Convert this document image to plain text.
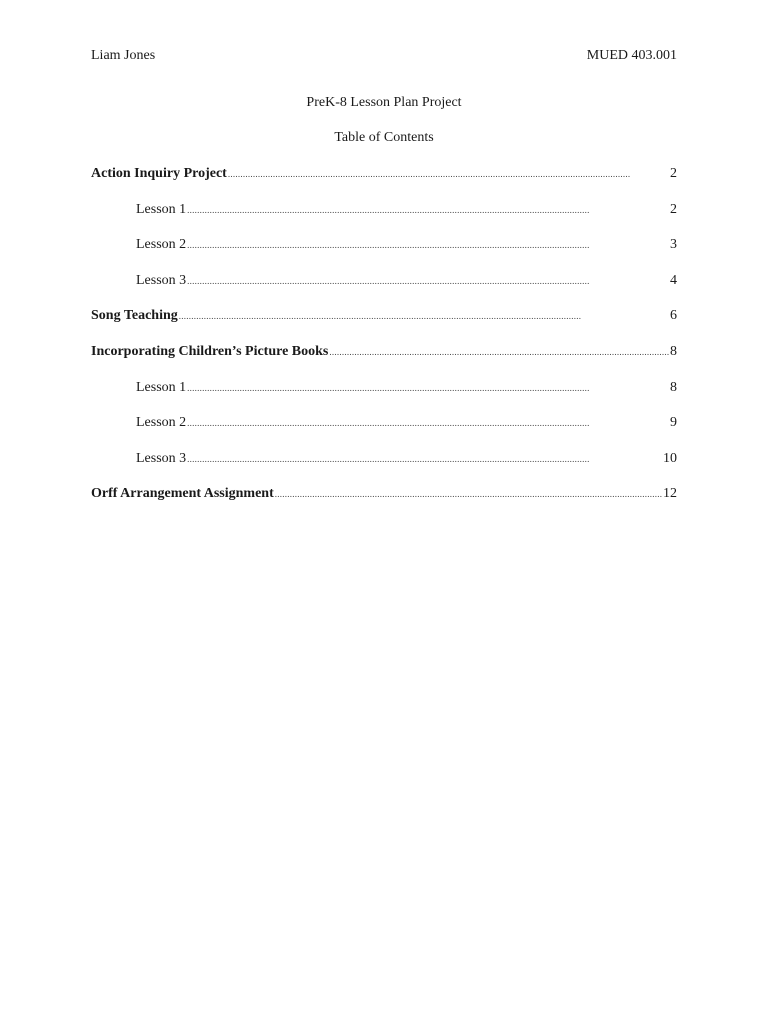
Liam Jones	MUED 403.001
PreK-8 Lesson Plan Project
Table of Contents
Action Inquiry Project . . .	2
Lesson 1 . . .	2
Lesson 2 . . .	3
Lesson 3 . . .	4
Song Teaching . . .	6
Incorporating Children’s Picture Books . . .	8
Lesson 1 . . .	8
Lesson 2 . . .	9
Lesson 3 . . .	10
Orff Arrangement Assignment . . .	12
